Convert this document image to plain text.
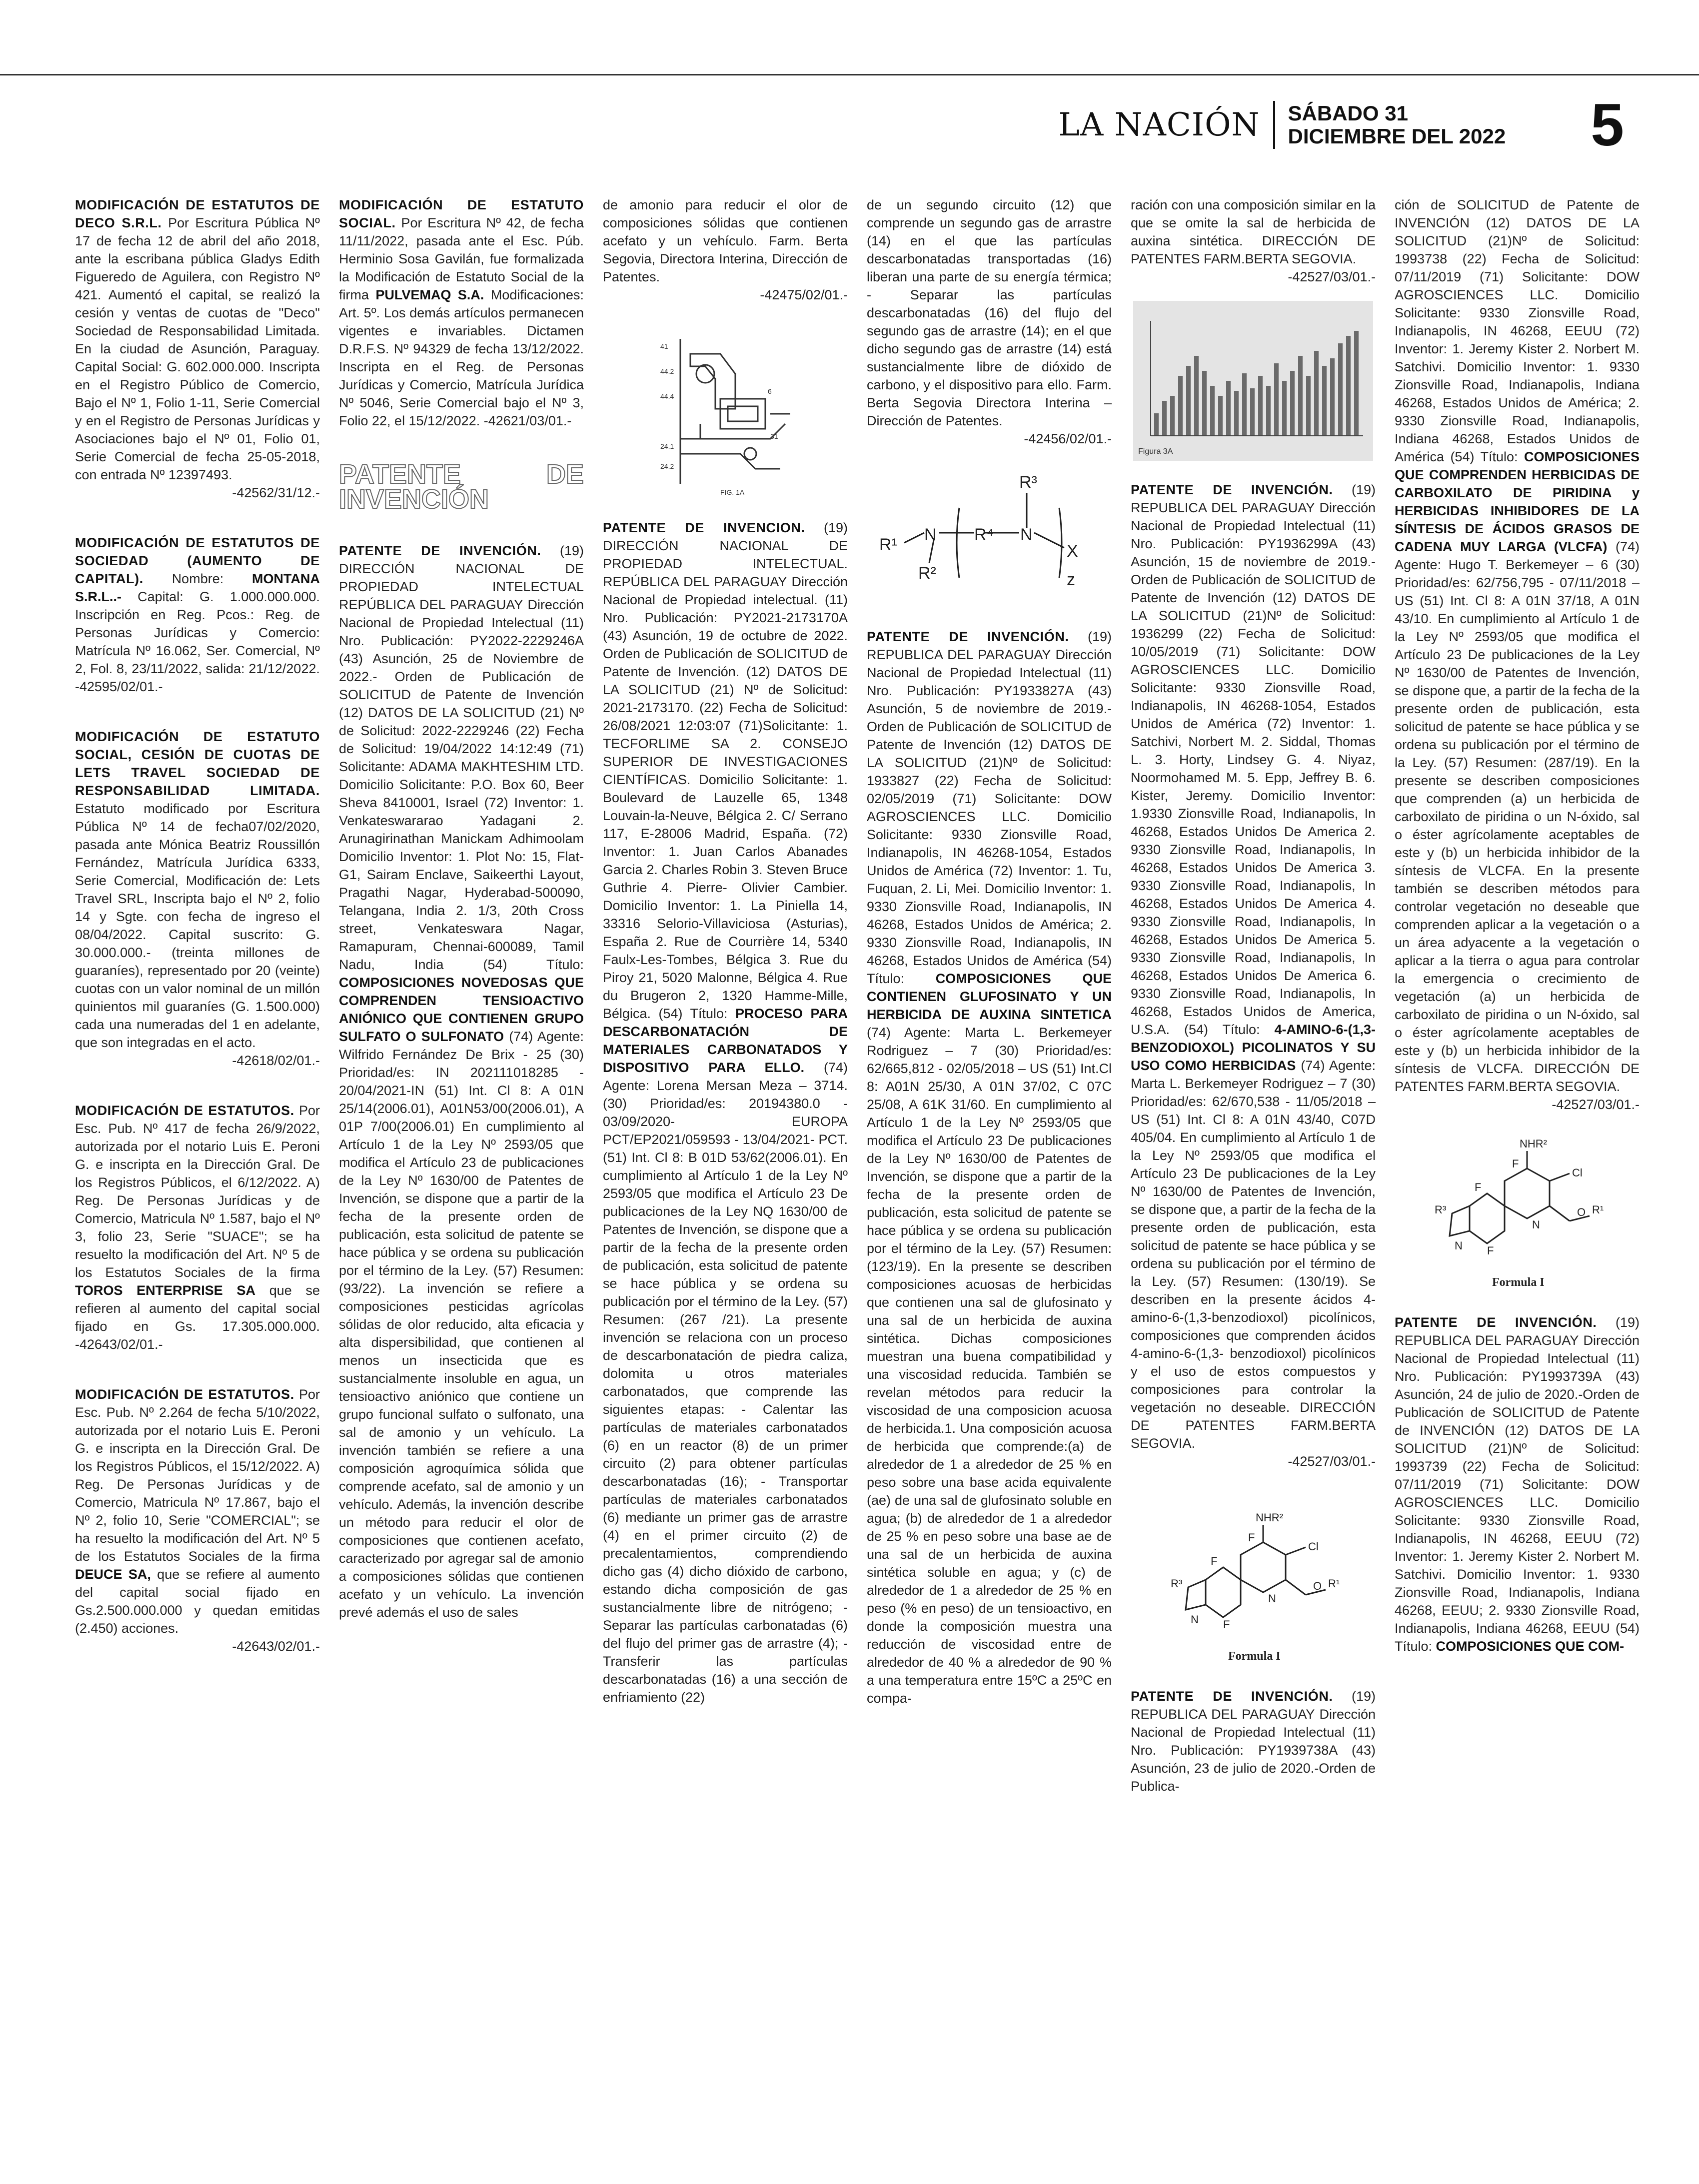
LA NACIÓN	SÁBADO 31
DICIEMBRE DEL 2022 5
MODIFICACIÓN DE ESTATUTOS DE DECO S.R.L. Por Escritura Pública Nº 17 de fecha 12 de abril del año 2018, ante la escribana pública Gladys Edith Figueredo de Aguilera, con Registro Nº 421. Aumentó el capital, se realizó la cesión y ventas de cuotas de "Deco" Sociedad de Responsabilidad Limitada. En la ciudad de Asunción, Paraguay. Capital Social: G. 602.000.000. Inscripta en el Registro Público de Comercio, Bajo el Nº 1, Folio 1-11, Serie Comercial y en el Registro de Personas Jurídicas y Asociaciones bajo el Nº 01, Folio 01, Serie Comercial de fecha 25-05-2018, con entrada Nº 12397493.
-42562/31/12.-
MODIFICACIÓN DE ESTATUTOS DE SOCIEDAD (AUMENTO DE CAPITAL). Nombre: MONTANA S.R.L..- Capital: G. 1.000.000.000. Inscripción en Reg. Pcos.: Reg. de Personas Jurídicas y Comercio: Matrícula Nº 16.062, Ser. Comercial, Nº 2, Fol. 8, 23/11/2022, salida: 21/12/2022. -42595/02/01.-
MODIFICACIÓN DE ESTATUTO SOCIAL, CESIÓN DE CUOTAS DE LETS TRAVEL SOCIEDAD DE RESPONSABILIDAD LIMITADA. Estatuto modificado por Escritura Pública Nº 14 de fecha07/02/2020, pasada ante Mónica Beatriz Roussillón Fernández, Matrícula Jurídica 6333, Serie Comercial, Modificación de: Lets Travel SRL, Inscripta bajo el Nº 2, folio 14 y Sgte. con fecha de ingreso el 08/04/2022. Capital suscrito: G. 30.000.000.- (treinta millones de guaraníes), representado por 20 (veinte) cuotas con un valor nominal de un millón quinientos mil guaraníes (G. 1.500.000) cada una numeradas del 1 en adelante, que son integradas en el acto.
-42618/02/01.-
MODIFICACIÓN DE ESTATUTOS. Por Esc. Pub. Nº 417 de fecha 26/9/2022, autorizada por el notario Luis E. Peroni G. e inscripta en la Dirección Gral. De los Registros Públicos, el 6/12/2022. A) Reg. De Personas Jurídicas y de Comercio, Matricula Nº 1.587, bajo el Nº 3, folio 23, Serie "SUACE"; se ha resuelto la modificación del Art. Nº 5 de los Estatutos Sociales de la firma TOROS ENTERPRISE SA que se refieren al aumento del capital social fijado en Gs. 17.305.000.000. -42643/02/01.-
MODIFICACIÓN DE ESTATUTOS. Por Esc. Pub. Nº 2.264 de fecha 5/10/2022, autorizada por el notario Luis E. Peroni G. e inscripta en la Dirección Gral. De los Registros Públicos, el 15/12/2022. A) Reg. De Personas Jurídicas y de Comercio, Matricula Nº 17.867, bajo el Nº 2, folio 10, Serie "COMERCIAL"; se ha resuelto la modificación del Art. Nº 5 de los Estatutos Sociales de la firma DEUCE SA, que se refiere al aumento del capital social fijado en Gs.2.500.000.000 y quedan emitidas (2.450) acciones.
-42643/02/01.-
MODIFICACIÓN DE ESTATUTO SOCIAL. Por Escritura Nº 42, de fecha 11/11/2022, pasada ante el Esc. Púb. Herminio Sosa Gavilán, fue formalizada la Modificación de Estatuto Social de la firma PULVEMAQ S.A. Modificaciones: Art. 5º. Los demás artículos permanecen vigentes e invariables. Dictamen D.R.F.S. Nº 94329 de fecha 13/12/2022. Inscripta en el Reg. de Personas Jurídicas y Comercio, Matrícula Jurídica Nº 5046, Serie Comercial bajo el Nº 3, Folio 22, el 15/12/2022. -42621/03/01.-
PATENTE DE INVENCIÓN
PATENTE DE INVENCIÓN. (19) DIRECCIÓN NACIONAL DE PROPIEDAD INTELECTUAL REPÚBLICA DEL PARAGUAY Dirección Nacional de Propiedad Intelectual (11) Nro. Publicación: PY2022-2229246A (43) Asunción, 25 de Noviembre de 2022.- Orden de Publicación de SOLICITUD de Patente de Invención (12) DATOS DE LA SOLICITUD (21) Nº de Solicitud: 2022-2229246 (22) Fecha de Solicitud: 19/04/2022 14:12:49 (71) Solicitante: ADAMA MAKHTESHIM LTD. Domicilio Solicitante: P.O. Box 60, Beer Sheva 8410001, Israel (72) Inventor: 1. Venkateswararao Yadagani 2. Arunagirinathan Manickam Adhimoolam Domicilio Inventor: 1. Plot No: 15, Flat-G1, Sairam Enclave, Saikeerthi Layout, Pragathi Nagar, Hyderabad-500090, Telangana, India 2. 1/3, 20th Cross street, Venkateswara Nagar, Ramapuram, Chennai-600089, Tamil Nadu, India (54) Título: COMPOSICIONES NOVEDOSAS QUE COMPRENDEN TENSIOACTIVO ANIÓNICO QUE CONTIENEN GRUPO SULFATO O SULFONATO (74) Agente: Wilfrido Fernández De Brix - 25 (30) Prioridad/es: IN 202111018285 - 20/04/2021-IN (51) Int. Cl 8: A 01N 25/14(2006.01), A01N53/00(2006.01), A 01P 7/00(2006.01) En cumplimiento al Artículo 1 de la Ley Nº 2593/05 que modifica el Artículo 23 de publicaciones de la Ley Nº 1630/00 de Patentes de Invención, se dispone que a partir de la fecha de la presente orden de publicación, esta solicitud de patente se hace pública y se ordena su publicación por el término de la Ley. (57) Resumen:(93/22). La invención se refiere a composiciones pesticidas agrícolas sólidas de olor reducido, alta eficacia y alta dispersibilidad, que contienen al menos un insecticida que es sustancialmente insoluble en agua, un tensioactivo aniónico que contiene un grupo funcional sulfato o sulfonato, una sal de amonio y un vehículo. La invención también se refiere a una composición agroquímica sólida que comprende acefato, sal de amonio y un vehículo. Además, la invención describe un método para reducir el olor de composiciones que contienen acefato, caracterizado por agregar sal de amonio a composiciones sólidas que contienen acefato y un vehículo. La invención prevé además el uso de sales
de amonio para reducir el olor de composiciones sólidas que contienen acefato y un vehículo. Farm. Berta Segovia, Directora Interina, Dirección de Patentes.
-42475/02/01.-
41
44.2
44.4
24.1
24.2
6
31
FIG. 1A
PATENTE DE INVENCION. (19) DIRECCIÓN NACIONAL DE PROPIEDAD INTELECTUAL. REPÚBLICA DEL PARAGUAY Dirección Nacional de Propiedad intelectual. (11) Nro. Publicación: PY2021-2173170A (43) Asunción, 19 de octubre de 2022. Orden de Publicación de SOLICITUD de Patente de Invención. (12) DATOS DE LA SOLICITUD (21) Nº de Solicitud: 2021-2173170. (22) Fecha de Solicitud: 26/08/2021 12:03:07 (71)Solicitante: 1. TECFORLIME SA 2. CONSEJO SUPERIOR DE INVESTIGACIONES CIENTÍFICAS. Domicilio Solicitante: 1. Boulevard de Lauzelle 65, 1348 Louvain-la-Neuve, Bélgica 2. C/ Serrano 117, E-28006 Madrid, España. (72) Inventor: 1. Juan Carlos Abanades Garcia 2. Charles Robin 3. Steven Bruce Guthrie 4. Pierre- Olivier Cambier. Domicilio Inventor: 1. La Piniella 14, 33316 Selorio-Villaviciosa (Asturias), España 2. Rue de Courrière 14, 5340 Faulx-Les-Tombes, Bélgica 3. Rue du Piroy 21, 5020 Malonne, Bélgica 4. Rue du Brugeron 2, 1320 Hamme-Mille, Bélgica. (54) Título: PROCESO PARA DESCARBONATACIÓN DE MATERIALES CARBONATADOS Y DISPOSITIVO PARA ELLO. (74) Agente: Lorena Mersan Meza – 3714. (30) Prioridad/es: 20194380.0 - 03/09/2020- EUROPA PCT/EP2021/059593 - 13/04/2021- PCT. (51) Int. Cl 8: B 01D 53/62(2006.01). En cumplimiento al Artículo 1 de la Ley Nº 2593/05 que modifica el Artículo 23 De publicaciones de la Ley NQ 1630/00 de Patentes de Invención, se dispone que a partir de la fecha de la presente orden de publicación, esta solicitud de patente se hace pública y se ordena su publicación por el término de la Ley. (57) Resumen: (267 /21). La presente invención se relaciona con un proceso de descarbonatación de piedra caliza, dolomita u otros materiales carbonatados, que comprende las siguientes etapas: - Calentar las partículas de materiales carbonatados (6) en un reactor (8) de un primer circuito (2) para obtener partículas descarbonatadas (16); - Transportar partículas de materiales carbonatados (6) mediante un primer gas de arrastre (4) en el primer circuito (2) de precalentamientos, comprendiendo dicho gas (4) dicho dióxido de carbono, estando dicha composición de gas sustancialmente libre de nitrógeno; - Separar las partículas carbonatadas (6) del flujo del primer gas de arrastre (4); - Transferir las partículas descarbonatadas (16) a una sección de enfriamiento (22)
de un segundo circuito (12) que comprende un segundo gas de arrastre (14) en el que las partículas descarbonatadas transportadas (16) liberan una parte de su energía térmica; - Separar las partículas descarbonatadas (16) del flujo del segundo gas de arrastre (14); en el que dicho segundo gas de arrastre (14) está sustancialmente libre de dióxido de carbono, y el dispositivo para ello. Farm. Berta Segovia Directora Interina – Dirección de Patentes.
-42456/02/01.-
R¹
N
R²
R⁴ N
R³
X
z
PATENTE DE INVENCIÓN. (19) REPUBLICA DEL PARAGUAY Dirección Nacional de Propiedad Intelectual (11) Nro. Publicación: PY1933827A (43) Asunción, 5 de noviembre de 2019.-Orden de Publicación de SOLICITUD de Patente de Invención (12) DATOS DE LA SOLICITUD (21)Nº de Solicitud: 1933827 (22) Fecha de Solicitud: 02/05/2019 (71) Solicitante: DOW AGROSCIENCES LLC. Domicilio Solicitante: 9330 Zionsville Road, Indianapolis, IN 46268-1054, Estados Unidos de América (72) Inventor: 1. Tu, Fuquan, 2. Li, Mei. Domicilio Inventor: 1. 9330 Zionsville Road, Indianapolis, IN 46268, Estados Unidos de América; 2. 9330 Zionsville Road, Indianapolis, IN 46268, Estados Unidos de América (54) Título: COMPOSICIONES QUE CONTIENEN GLUFOSINATO Y UN HERBICIDA DE AUXINA SINTETICA (74) Agente: Marta L. Berkemeyer Rodriguez – 7 (30) Prioridad/es: 62/665,812 - 02/05/2018 – US (51) Int.Cl 8: A01N 25/30, A 01N 37/02, C 07C 25/08, A 61K 31/60. En cumplimiento al Artículo 1 de la Ley Nº 2593/05 que modifica el Artículo 23 De publicaciones de la Ley Nº 1630/00 de Patentes de Invención, se dispone que a partir de la fecha de la presente orden de publicación, esta solicitud de patente se hace pública y se ordena su publicación por el término de la Ley. (57) Resumen: (123/19). En la presente se describen composiciones acuosas de herbicidas que contienen una sal de glufosinato y una sal de un herbicida de auxina sintética. Dichas composiciones muestran una buena compatibilidad y una viscosidad reducida. También se revelan métodos para reducir la viscosidad de una composicion acuosa de herbicida.1. Una composición acuosa de herbicida que comprende:(a) de alrededor de 1 a alrededor de 25 % en peso sobre una base acida equivalente (ae) de una sal de glufosinato soluble en agua; (b) de alrededor de 1 a alrededor de 25 % en peso sobre una base ae de una sal de un herbicida de auxina sintética soluble en agua; y (c) de alrededor de 1 a alrededor de 25 % en peso (% en peso) de un tensioactivo, en donde la composición muestra una reducción de viscosidad entre de alrededor de 40 % a alrededor de 90 % a una temperatura entre 15ºC a 25ºC en compa-
ración con una composición similar en la que se omite la sal de herbicida de auxina sintética. DIRECCIÓN DE PATENTES FARM.BERTA SEGOVIA.
-42527/03/01.-
Figura 3A
PATENTE DE INVENCIÓN. (19) REPUBLICA DEL PARAGUAY Dirección Nacional de Propiedad Intelectual (11) Nro. Publicación: PY1936299A (43) Asunción, 15 de noviembre de 2019.-Orden de Publicación de SOLICITUD de Patente de Invención (12) DATOS DE LA SOLICITUD (21)Nº de Solicitud: 1936299 (22) Fecha de Solicitud: 10/05/2019 (71) Solicitante: DOW AGROSCIENCES LLC. Domicilio Solicitante: 9330 Zionsville Road, Indianapolis, IN 46268-1054, Estados Unidos de América (72) Inventor: 1. Satchivi, Norbert M. 2. Siddal, Thomas L. 3. Horty, Lindsey G. 4. Niyaz, Noormohamed M. 5. Epp, Jeffrey B. 6. Kister, Jeremy. Domicilio Inventor: 1.9330 Zionsville Road, Indianapolis, In 46268, Estados Unidos De America 2. 9330 Zionsville Road, Indianapolis, In 46268, Estados Unidos De America 3. 9330 Zionsville Road, Indianapolis, In 46268, Estados Unidos De America 4. 9330 Zionsville Road, Indianapolis, In 46268, Estados Unidos De America 5. 9330 Zionsville Road, Indianapolis, In 46268, Estados Unidos De America 6. 9330 Zionsville Road, Indianapolis, In 46268, Estados Unidos de America, U.S.A. (54) Título: 4-AMINO-6-(1,3-BENZODIOXOL) PICOLINATOS Y SU USO COMO HERBICIDAS (74) Agente: Marta L. Berkemeyer Rodriguez – 7 (30) Prioridad/es: 62/670,538 - 11/05/2018 – US (51) Int. Cl 8: A 01N 43/40, C07D 405/04. En cumplimiento al Artículo 1 de la Ley Nº 2593/05 que modifica el Artículo 23 De publicaciones de la Ley Nº 1630/00 de Patentes de Invención, se dispone que, a partir de la fecha de la presente orden de publicación, esta solicitud de patente se hace pública y se ordena su publicación por el término de la Ley. (57) Resumen: (130/19). Se describen en la presente ácidos 4-amino-6-(1,3-benzodioxol) picolínicos, composiciones que comprenden ácidos 4-amino-6-(1,3- benzodioxol) picolínicos y el uso de estos compuestos y composiciones para controlar la vegetación no deseable. DIRECCIÓN DE PATENTES FARM.BERTA SEGOVIA.
-42527/03/01.-
NHR²
Cl
F
N
O R¹
F
R³
N F
Formula I
PATENTE DE INVENCIÓN. (19) REPUBLICA DEL PARAGUAY Dirección Nacional de Propiedad Intelectual (11) Nro. Publicación: PY1939738A (43) Asunción, 23 de julio de 2020.-Orden de Publica-
ción de SOLICITUD de Patente de INVENCIÓN (12) DATOS DE LA SOLICITUD (21)Nº de Solicitud: 1993738 (22) Fecha de Solicitud: 07/11/2019 (71) Solicitante: DOW AGROSCIENCES LLC. Domicilio Solicitante: 9330 Zionsville Road, Indianapolis, IN 46268, EEUU (72) Inventor: 1. Jeremy Kister 2. Norbert M. Satchivi. Domicilio Inventor: 1. 9330 Zionsville Road, Indianapolis, Indiana 46268, Estados Unidos de América; 2. 9330 Zionsville Road, Indianapolis, Indiana 46268, Estados Unidos de América (54) Título: COMPOSICIONES QUE COMPRENDEN HERBICIDAS DE CARBOXILATO DE PIRIDINA y HERBICIDAS INHIBIDORES DE LA SÍNTESIS DE ÁCIDOS GRASOS DE CADENA MUY LARGA (VLCFA) (74) Agente: Hugo T. Berkemeyer – 6 (30) Prioridad/es: 62/756,795 - 07/11/2018 – US (51) Int. Cl 8: A 01N 37/18, A 01N 43/10. En cumplimiento al Artículo 1 de la Ley Nº 2593/05 que modifica el Artículo 23 De publicaciones de la Ley Nº 1630/00 de Patentes de Invención, se dispone que, a partir de la fecha de la presente orden de publicación, esta solicitud de patente se hace pública y se ordena su publicación por el término de la Ley. (57) Resumen: (287/19). En la presente se describen composiciones que comprenden (a) un herbicida de carboxilato de piridina o un N-óxido, sal o éster agrícolamente aceptables de este y (b) un herbicida inhibidor de la síntesis de VLCFA. En la presente también se describen métodos para controlar vegetación no deseable que comprenden aplicar a la vegetación o a un área adyacente a la vegetación o aplicar a la tierra o agua para controlar la emergencia o crecimiento de vegetación (a) un herbicida de carboxilato de piridina o un N-óxido, sal o éster agrícolamente aceptables de este y (b) un herbicida inhibidor de la síntesis de VLCFA. DIRECCIÓN DE PATENTES FARM.BERTA SEGOVIA.
-42527/03/01.-
NHR²
Cl
F
N
O R¹
F
R³
N F
Formula I
PATENTE DE INVENCIÓN. (19) REPUBLICA DEL PARAGUAY Dirección Nacional de Propiedad Intelectual (11) Nro. Publicación: PY1993739A (43) Asunción, 24 de julio de 2020.-Orden de Publicación de SOLICITUD de Patente de INVENCIÓN (12) DATOS DE LA SOLICITUD (21)Nº de Solicitud: 1993739 (22) Fecha de Solicitud: 07/11/2019 (71) Solicitante: DOW AGROSCIENCES LLC. Domicilio Solicitante: 9330 Zionsville Road, Indianapolis, IN 46268, EEUU (72) Inventor: 1. Jeremy Kister 2. Norbert M. Satchivi. Domicilio Inventor: 1. 9330 Zionsville Road, Indianapolis, Indiana 46268, EEUU; 2. 9330 Zionsville Road, Indianapolis, Indiana 46268, EEUU (54) Título: COMPOSICIONES QUE COM-
